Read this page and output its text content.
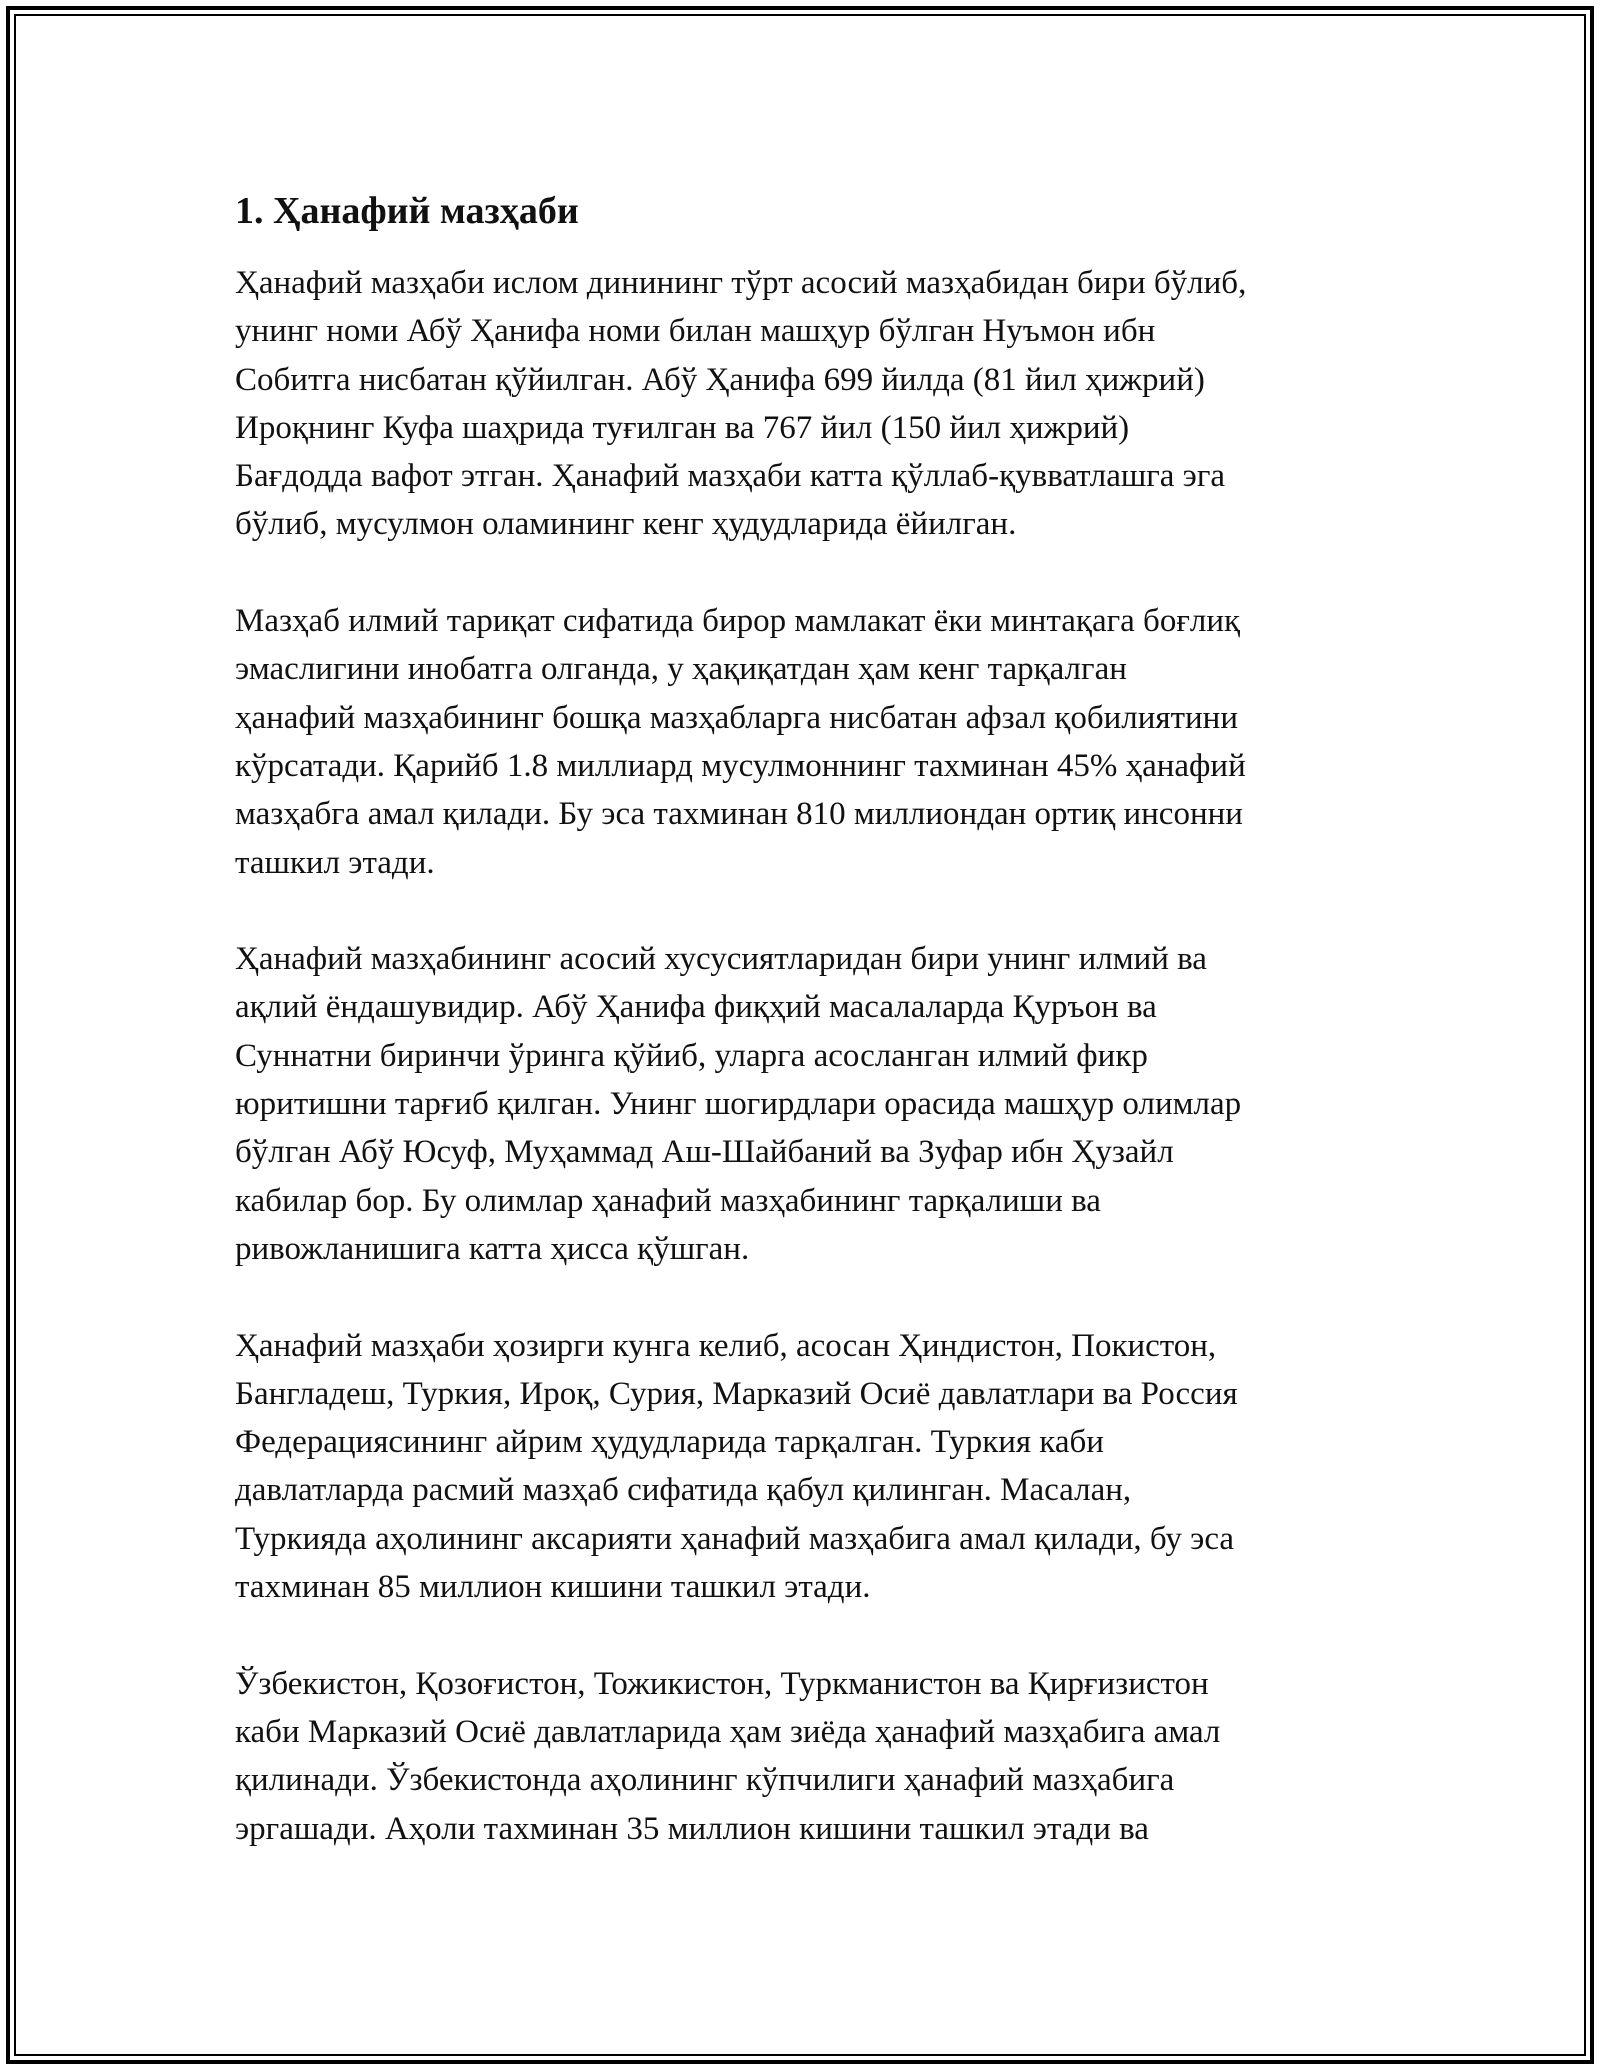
1. Ҳанафий мазҳаби
Ҳанафий мазҳаби ислом динининг тўрт асосий мазҳабидан бири бўлиб,
унинг номи Абў Ҳанифа номи билан машҳур бўлган Нуъмон ибн
Собитга нисбатан қўйилган. Абў Ҳанифа 699 йилда (81 йил ҳижрий)
Ироқнинг Куфа шаҳрида туғилган ва 767 йил (150 йил ҳижрий)
Бағдодда вафот этган. Ҳанафий мазҳаби катта қўллаб-қувватлашга эга
бўлиб, мусулмон оламининг кенг ҳудудларида ёйилган.
Мазҳаб илмий тариқат сифатида бирор мамлакат ёки минтақага боғлиқ
эмаслигини инобатга олганда, у ҳақиқатдан ҳам кенг тарқалган
ҳанафий мазҳабининг бошқа мазҳабларга нисбатан афзал қобилиятини
кўрсатади. Қарийб 1.8 миллиард мусулмоннинг тахминан 45% ҳанафий
мазҳабга амал қилади. Бу эса тахминан 810 миллиондан ортиқ инсонни
ташкил этади.
Ҳанафий мазҳабининг асосий хусусиятларидан бири унинг илмий ва
ақлий ёндашувидир. Абў Ҳанифа фиқҳий масалаларда Қуръон ва
Суннатни биринчи ўринга қўйиб, уларга асосланган илмий фикр
юритишни тарғиб қилган. Унинг шогирдлари орасида машҳур олимлар
бўлган Абў Юсуф, Муҳаммад Аш-Шайбаний ва Зуфар ибн Ҳузайл
кабилар бор. Бу олимлар ҳанафий мазҳабининг тарқалиши ва
ривожланишига катта ҳисса қўшган.
Ҳанафий мазҳаби ҳозирги кунга келиб, асосан Ҳиндистон, Покистон,
Бангладеш, Туркия, Ироқ, Сурия, Марказий Осиё давлатлари ва Россия
Федерациясининг айрим ҳудудларида тарқалган. Туркия каби
давлатларда расмий мазҳаб сифатида қабул қилинган. Масалан,
Туркияда аҳолининг аксарияти ҳанафий мазҳабига амал қилади, бу эса
тахминан 85 миллион кишини ташкил этади.
Ўзбекистон, Қозоғистон, Тожикистон, Туркманистон ва Қирғизистон
каби Марказий Осиё давлатларида ҳам зиёда ҳанафий мазҳабига амал
қилинади. Ўзбекистонда аҳолининг кўпчилиги ҳанафий мазҳабига
эргашади. Аҳоли тахминан 35 миллион кишини ташкил этади ва
